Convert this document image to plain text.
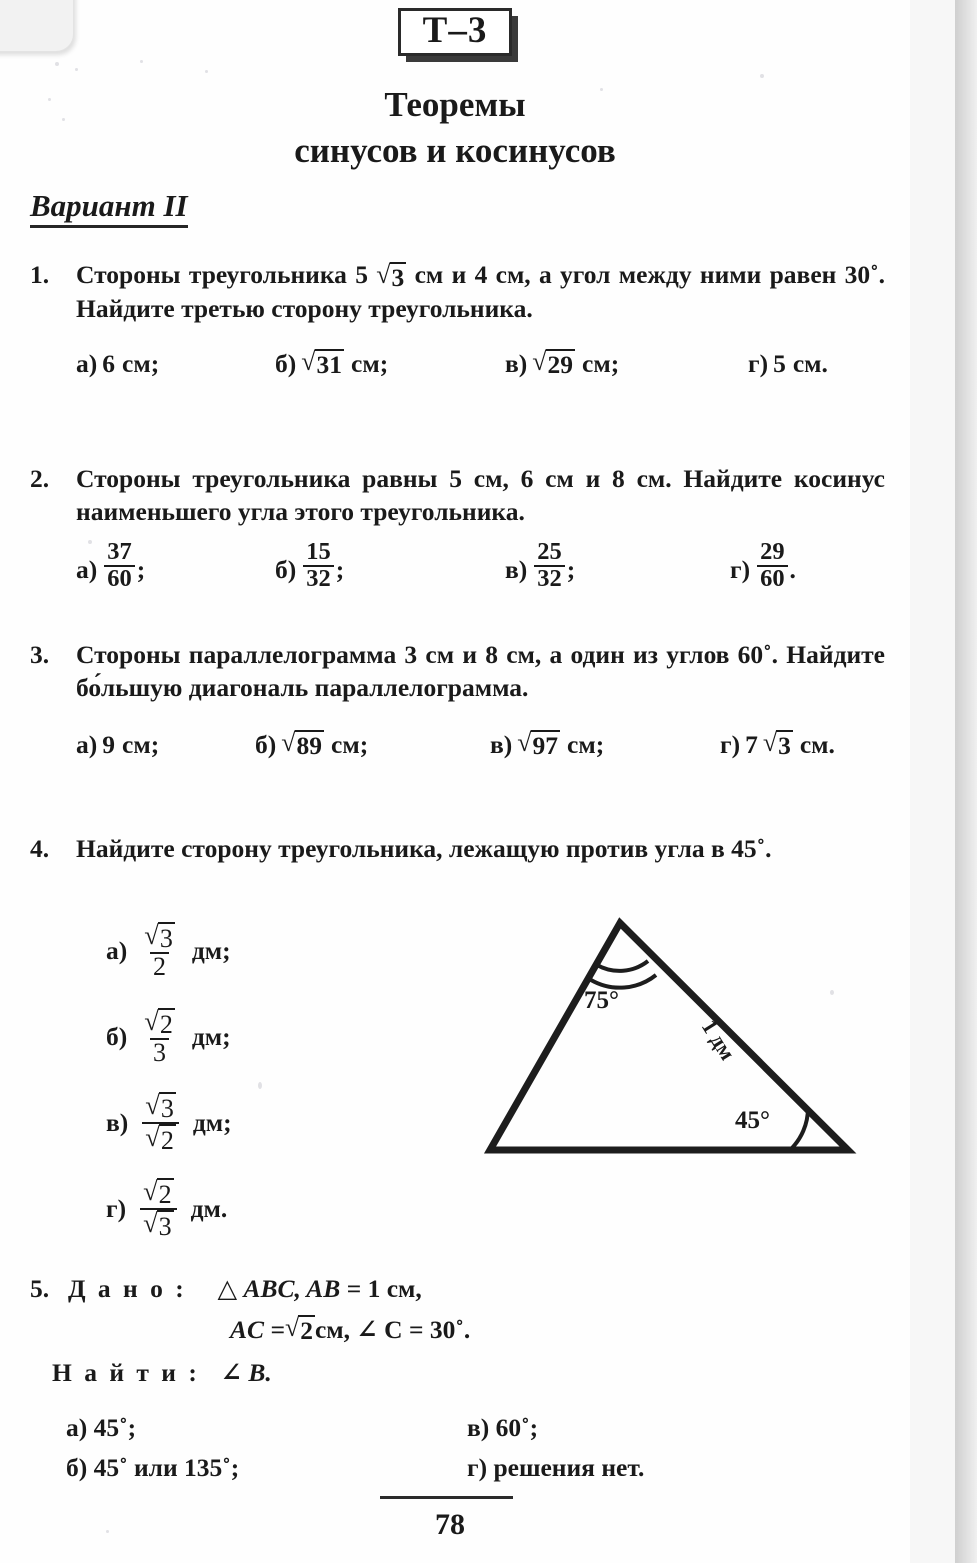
Т–3
Теоремы
синусов и косинусов
Вариант II
1. Стороны треугольника 5 √ 3 см и 4 см, а угол между ними равен 30˚. Найдите третью сторону треугольника.

а) 6 см;	б) √ 31 см;	в) √ 29 см;	г) 5 см.
2. Стороны треугольника равны 5 см, 6 см и 8 см. Найдите косинус наименьшего угла этого треугольника.

$а) \frac{37}{60}$ ;	$б) \frac{15}{32}$ ;	$в) \frac{25}{32}$ ;	$г) \frac{29}{60}$ .
3. Стороны параллелограмма 3 см и 8 см, а один из углов 60˚. Найдите бо́льшую диагональ параллелограмма.

а) 9 см;	б) √ 89 см;	в) √ 97 см;	г) 7 √ 3 см.
4. Найдите сторону треугольника, лежащую против угла в 45˚.

$а) \frac{√ 3}{2}$ дм;
$б) \frac{√ 2}{3}$ дм;
$в) \frac{√ 3}{√ 2}$ дм;
$г) \frac{√ 2}{√ 3}$ дм.
75°
45°
1 дм
5. Д а н о : △ ABC, AB = 1 см,
AC = √ 2 см, ∠ C = 30˚.
Н а й т и : ∠ B.
а) 45˚;
б) 45˚ или 135˚;
в) 60˚;
г) решения нет.
78
